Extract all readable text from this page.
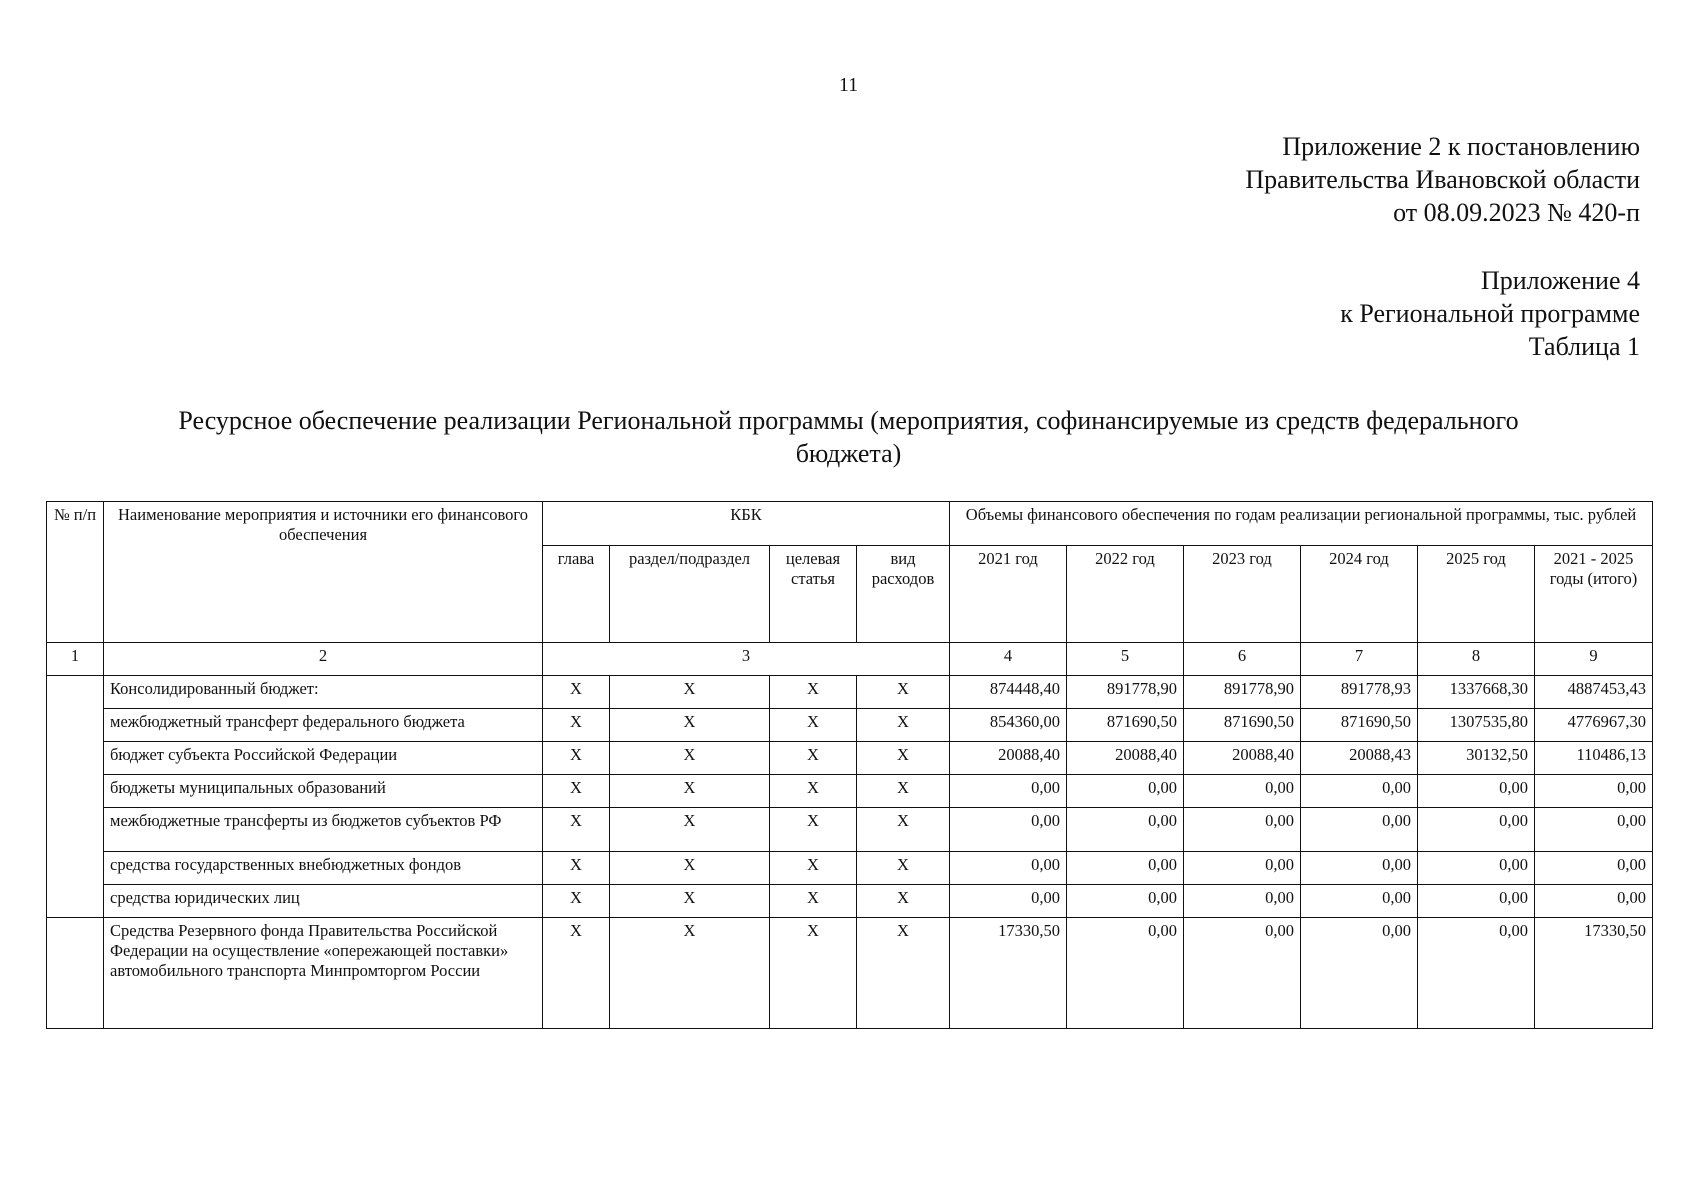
11
Приложение 2 к постановлению
Правительства Ивановской области
от 08.09.2023 № 420-п
Приложение 4
к Региональной программе
Таблица 1
Ресурсное обеспечение реализации Региональной программы (мероприятия, софинансируемые из средств федерального
бюджета)
№ п/п	Наименование мероприятия и источники его финансового обеспечения	КБК				Объемы финансового обеспечения по годам реализации региональной программы, тыс. рублей					
		глава	раздел/подраздел	целевая статья	вид расходов	2021 год	2022 год	2023 год	2024 год	2025 год	2021 - 2025 годы (итого)
1	2	3				4	5	6	7	8	9
	Консолидированный бюджет:	X	X	X	X	874448,40	891778,90	891778,90	891778,93	1337668,30	4887453,43
	межбюджетный трансферт федерального бюджета	X	X	X	X	854360,00	871690,50	871690,50	871690,50	1307535,80	4776967,30
	бюджет субъекта Российской Федерации	X	X	X	X	20088,40	20088,40	20088,40	20088,43	30132,50	110486,13
	бюджеты муниципальных образований	X	X	X	X	0,00	0,00	0,00	0,00	0,00	0,00
	межбюджетные трансферты из бюджетов субъектов РФ	X	X	X	X	0,00	0,00	0,00	0,00	0,00	0,00
	средства государственных внебюджетных фондов	X	X	X	X	0,00	0,00	0,00	0,00	0,00	0,00
	средства юридических лиц	X	X	X	X	0,00	0,00	0,00	0,00	0,00	0,00
	Средства Резервного фонда Правительства Российской Федерации на осуществление «опережающей поставки» автомобильного транспорта Минпромторгом России	X	X	X	X	17330,50	0,00	0,00	0,00	0,00	17330,50
